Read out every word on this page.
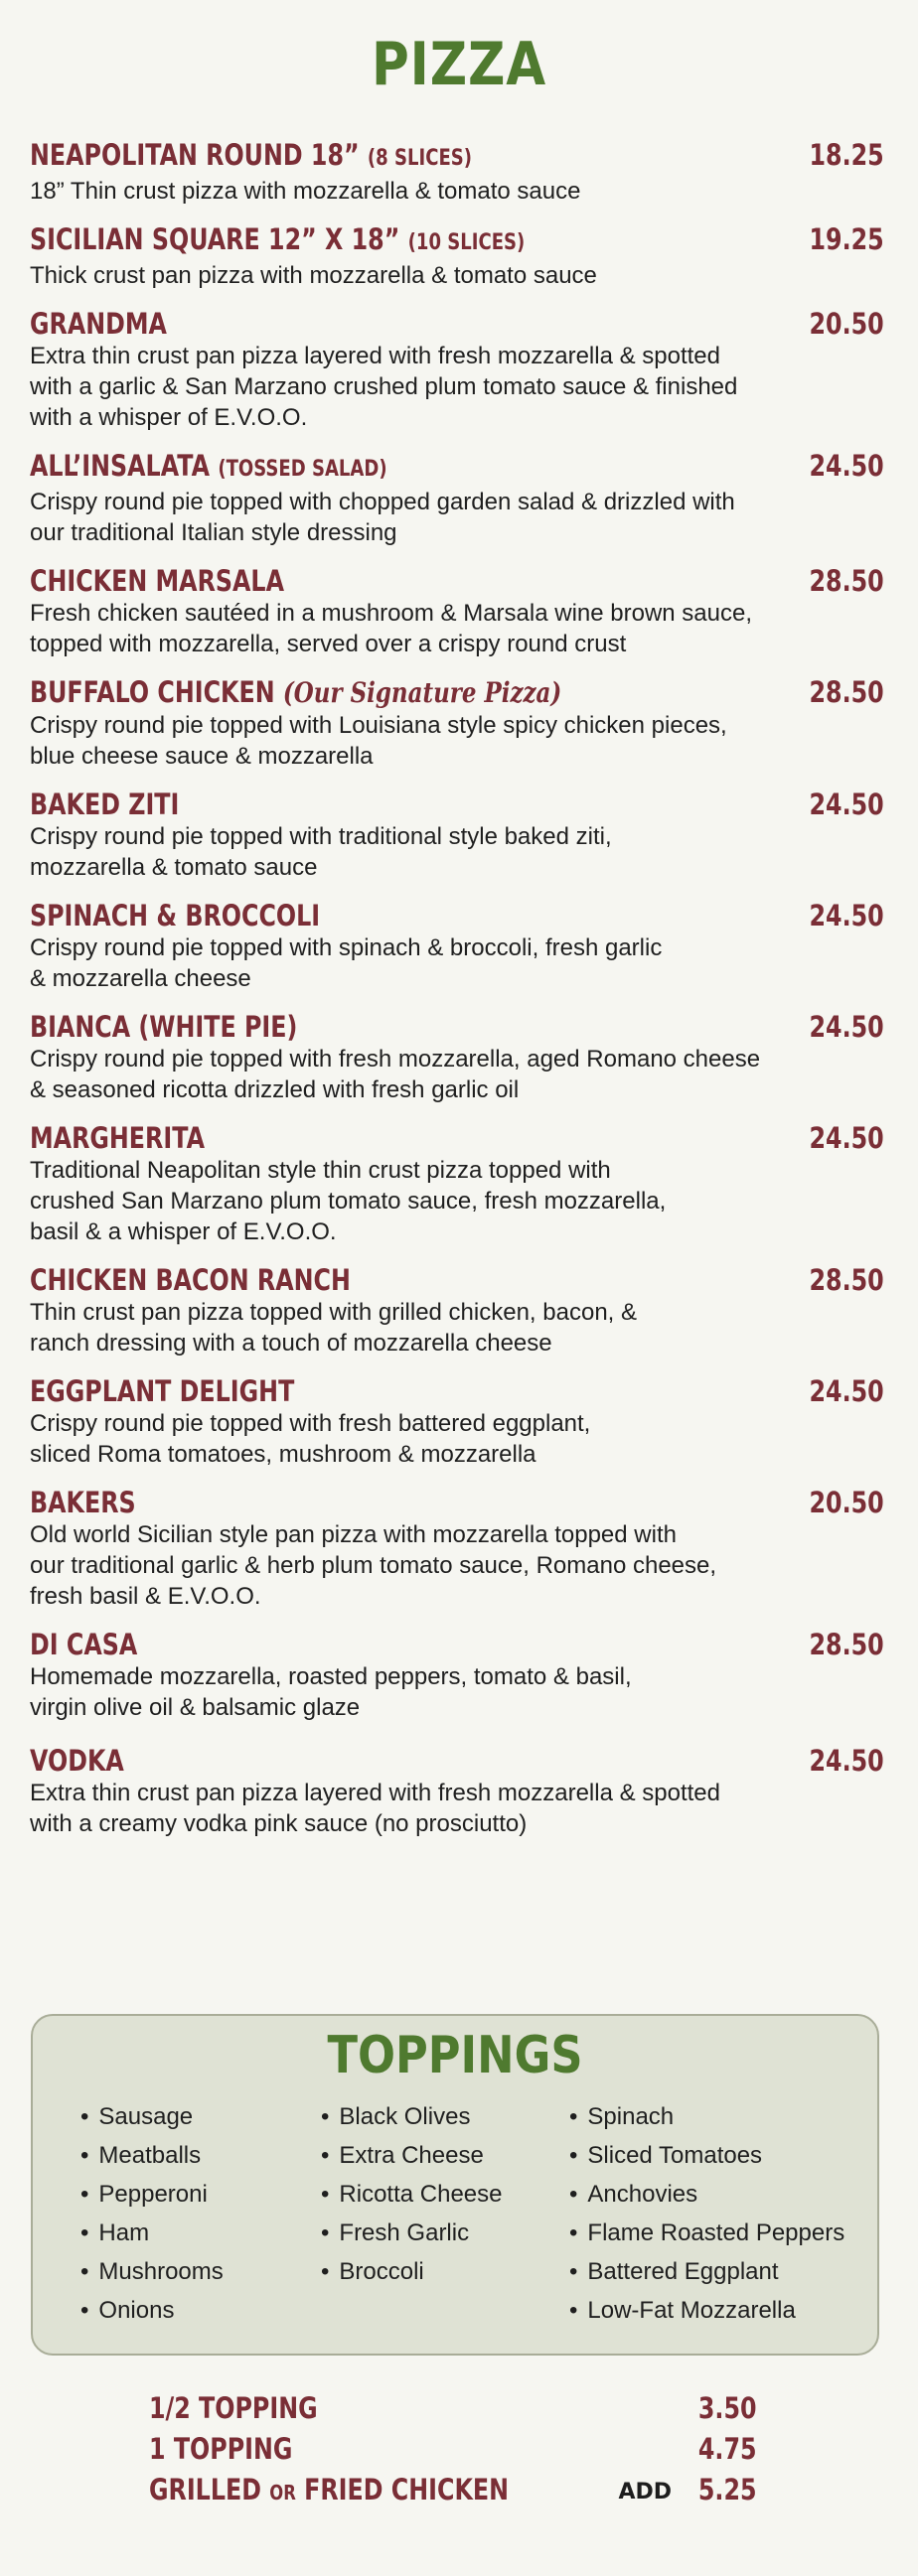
PIZZA
NEAPOLITAN ROUND 18” (8 SLICES)	18.25
18” Thin crust pizza with mozzarella & tomato sauce
SICILIAN SQUARE 12” X 18” (10 SLICES)	19.25
Thick crust pan pizza with mozzarella & tomato sauce
GRANDMA	20.50
Extra thin crust pan pizza layered with fresh mozzarella & spotted
with a garlic & San Marzano crushed plum tomato sauce & finished
with a whisper of E.V.O.O.
ALL’INSALATA (TOSSED SALAD)	24.50
Crispy round pie topped with chopped garden salad & drizzled with
our traditional Italian style dressing
CHICKEN MARSALA	28.50
Fresh chicken sautéed in a mushroom & Marsala wine brown sauce,
topped with mozzarella, served over a crispy round crust
BUFFALO CHICKEN (Our Signature Pizza)	28.50
Crispy round pie topped with Louisiana style spicy chicken pieces,
blue cheese sauce & mozzarella
BAKED ZITI	24.50
Crispy round pie topped with traditional style baked ziti,
mozzarella & tomato sauce
SPINACH & BROCCOLI	24.50
Crispy round pie topped with spinach & broccoli, fresh garlic
& mozzarella cheese
BIANCA (WHITE PIE)	24.50
Crispy round pie topped with fresh mozzarella, aged Romano cheese
& seasoned ricotta drizzled with fresh garlic oil
MARGHERITA	24.50
Traditional Neapolitan style thin crust pizza topped with
crushed San Marzano plum tomato sauce, fresh mozzarella,
basil & a whisper of E.V.O.O.
CHICKEN BACON RANCH	28.50
Thin crust pan pizza topped with grilled chicken, bacon, &
ranch dressing with a touch of mozzarella cheese
EGGPLANT DELIGHT	24.50
Crispy round pie topped with fresh battered eggplant,
sliced Roma tomatoes, mushroom & mozzarella
BAKERS	20.50
Old world Sicilian style pan pizza with mozzarella topped with
our traditional garlic & herb plum tomato sauce, Romano cheese,
fresh basil & E.V.O.O.
DI CASA	28.50
Homemade mozzarella, roasted peppers, tomato & basil,
virgin olive oil & balsamic glaze
VODKA	24.50
Extra thin crust pan pizza layered with fresh mozzarella & spotted
with a creamy vodka pink sauce (no prosciutto)
TOPPINGS
• Sausage
• Meatballs
• Pepperoni
• Ham
• Mushrooms
• Onions
• Black Olives
• Extra Cheese
• Ricotta Cheese
• Fresh Garlic
• Broccoli
• Spinach
• Sliced Tomatoes
• Anchovies
• Flame Roasted Peppers
• Battered Eggplant
• Low-Fat Mozzarella
1/2 TOPPING	3.50
1 TOPPING	4.75
GRILLED OR FRIED CHICKEN	ADD 5.25
